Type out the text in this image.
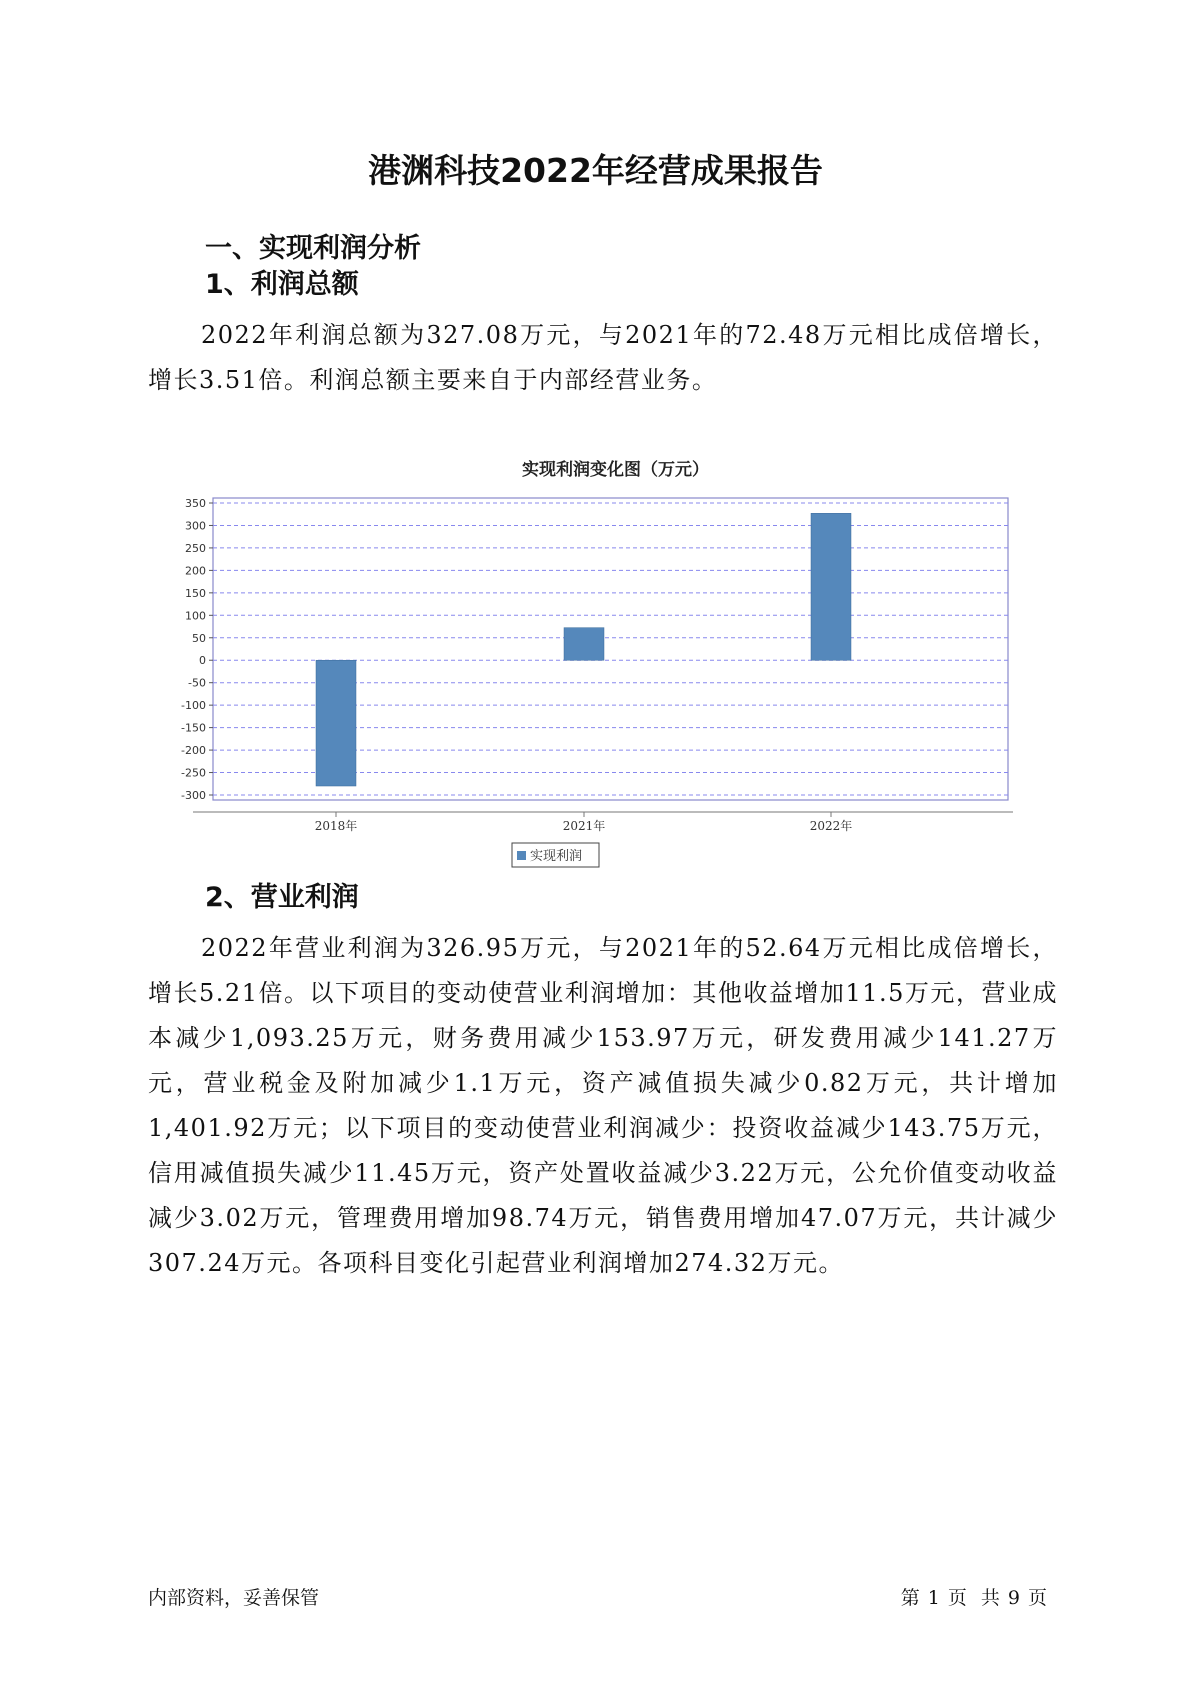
港渊科技2022年经营成果报告
一、实现利润分析
1、利润总额
2022年利润总额为327.08万元，与2021年的72.48万元相比成倍增长，增长3.51倍。利润总额主要来自于内部经营业务。
实现利润变化图（万元）
350
300
250
200
150
100
50
0
-50
-100
-150
-200
-250
-300
2018年	2021年	2022年
实现利润
2、营业利润
2022年营业利润为326.95万元，与2021年的52.64万元相比成倍增长，增长5.21倍。以下项目的变动使营业利润增加：其他收益增加11.5万元，营业成本减少1,093.25万元，财务费用减少153.97万元，研发费用减少141.27万元，营业税金及附加减少1.1万元，资产减值损失减少0.82万元，共计增加1,401.92万元；以下项目的变动使营业利润减少：投资收益减少143.75万元，信用减值损失减少11.45万元，资产处置收益减少3.22万元，公允价值变动收益减少3.02万元，管理费用增加98.74万元，销售费用增加47.07万元，共计减少307.24万元。各项科目变化引起营业利润增加274.32万元。
内部资料，妥善保管	第 1 页 共 9 页
